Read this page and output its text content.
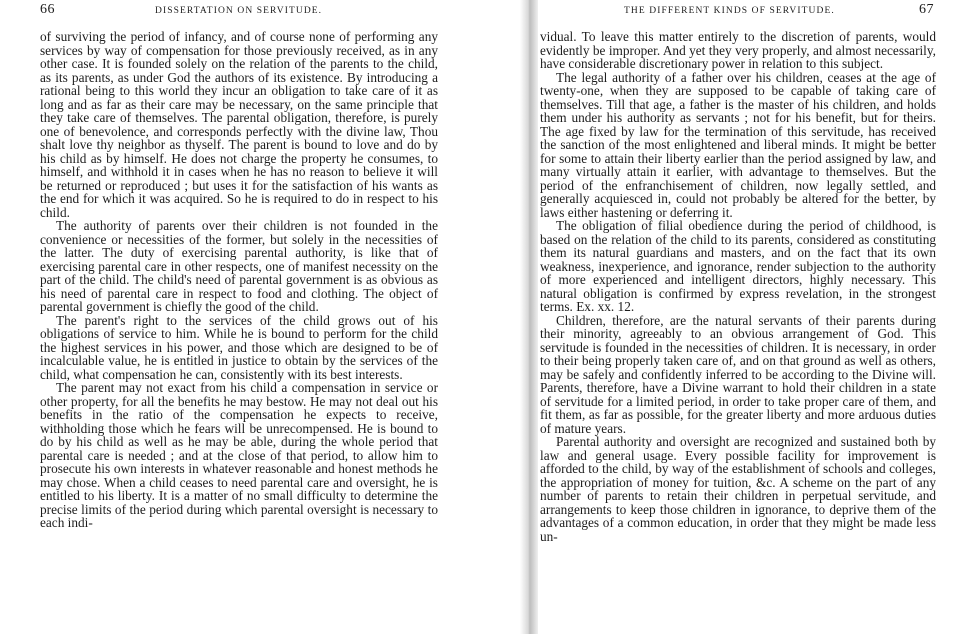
66	DISSERTATION ON SERVITUDE.

of surviving the period of infancy, and of course none of performing any services by way of compensation for those previously received, as in any other case. It is founded solely on the relation of the parents to the child, as its parents, as under God the authors of its existence. By introducing a rational being to this world they incur an obligation to take care of it as long and as far as their care may be necessary, on the same principle that they take care of themselves. The parental obligation, therefore, is purely one of benevolence, and corresponds perfectly with the divine law, Thou shalt love thy neighbor as thyself. The parent is bound to love and do by his child as by himself. He does not charge the property he consumes, to himself, and withhold it in cases when he has no reason to believe it will be returned or reproduced ; but uses it for the satisfaction of his wants as the end for which it was acquired. So he is required to do in respect to his child.

The authority of parents over their children is not founded in the convenience or necessities of the former, but solely in the necessities of the latter. The duty of exercising parental authority, is like that of exercising parental care in other respects, one of manifest necessity on the part of the child. The child's need of parental government is as obvious as his need of parental care in respect to food and clothing. The object of parental government is chiefly the good of the child.

The parent's right to the services of the child grows out of his obligations of service to him. While he is bound to perform for the child the highest services in his power, and those which are designed to be of incalculable value, he is entitled in justice to obtain by the services of the child, what compensation he can, consistently with its best interests.

The parent may not exact from his child a compensation in service or other property, for all the benefits he may bestow. He may not deal out his benefits in the ratio of the compensation he expects to receive, withholding those which he fears will be unrecompensed. He is bound to do by his child as well as he may be able, during the whole period that parental care is needed ; and at the close of that period, to allow him to prosecute his own interests in whatever reasonable and honest methods he may chose. When a child ceases to need parental care and oversight, he is entitled to his liberty. It is a matter of no small difficulty to determine the precise limits of the period during which parental oversight is necessary to each indi-

THE DIFFERENT KINDS OF SERVITUDE.	67

vidual. To leave this matter entirely to the discretion of parents, would evidently be improper. And yet they very properly, and almost necessarily, have considerable discretionary power in relation to this subject.

The legal authority of a father over his children, ceases at the age of twenty-one, when they are supposed to be capable of taking care of themselves. Till that age, a father is the master of his children, and holds them under his authority as servants ; not for his benefit, but for theirs. The age fixed by law for the termination of this servitude, has received the sanction of the most enlightened and liberal minds. It might be better for some to attain their liberty earlier than the period assigned by law, and many virtually attain it earlier, with advantage to themselves. But the period of the enfranchisement of children, now legally settled, and generally acquiesced in, could not probably be altered for the better, by laws either hastening or deferring it.

The obligation of filial obedience during the period of childhood, is based on the relation of the child to its parents, considered as constituting them its natural guardians and masters, and on the fact that its own weakness, inexperience, and ignorance, render subjection to the authority of more experienced and intelligent directors, highly necessary. This natural obligation is confirmed by express revelation, in the strongest terms. Ex. xx. 12.

Children, therefore, are the natural servants of their parents during their minority, agreeably to an obvious arrangement of God. This servitude is founded in the necessities of children. It is necessary, in order to their being properly taken care of, and on that ground as well as others, may be safely and confidently inferred to be according to the Divine will. Parents, therefore, have a Divine warrant to hold their children in a state of servitude for a limited period, in order to take proper care of them, and fit them, as far as possible, for the greater liberty and more arduous duties of mature years.

Parental authority and oversight are recognized and sustained both by law and general usage. Every possible facility for improvement is afforded to the child, by way of the establishment of schools and colleges, the appropriation of money for tuition, &c. A scheme on the part of any number of parents to retain their children in perpetual servitude, and arrangements to keep those children in ignorance, to deprive them of the advantages of a common education, in order that they might be made less un-
